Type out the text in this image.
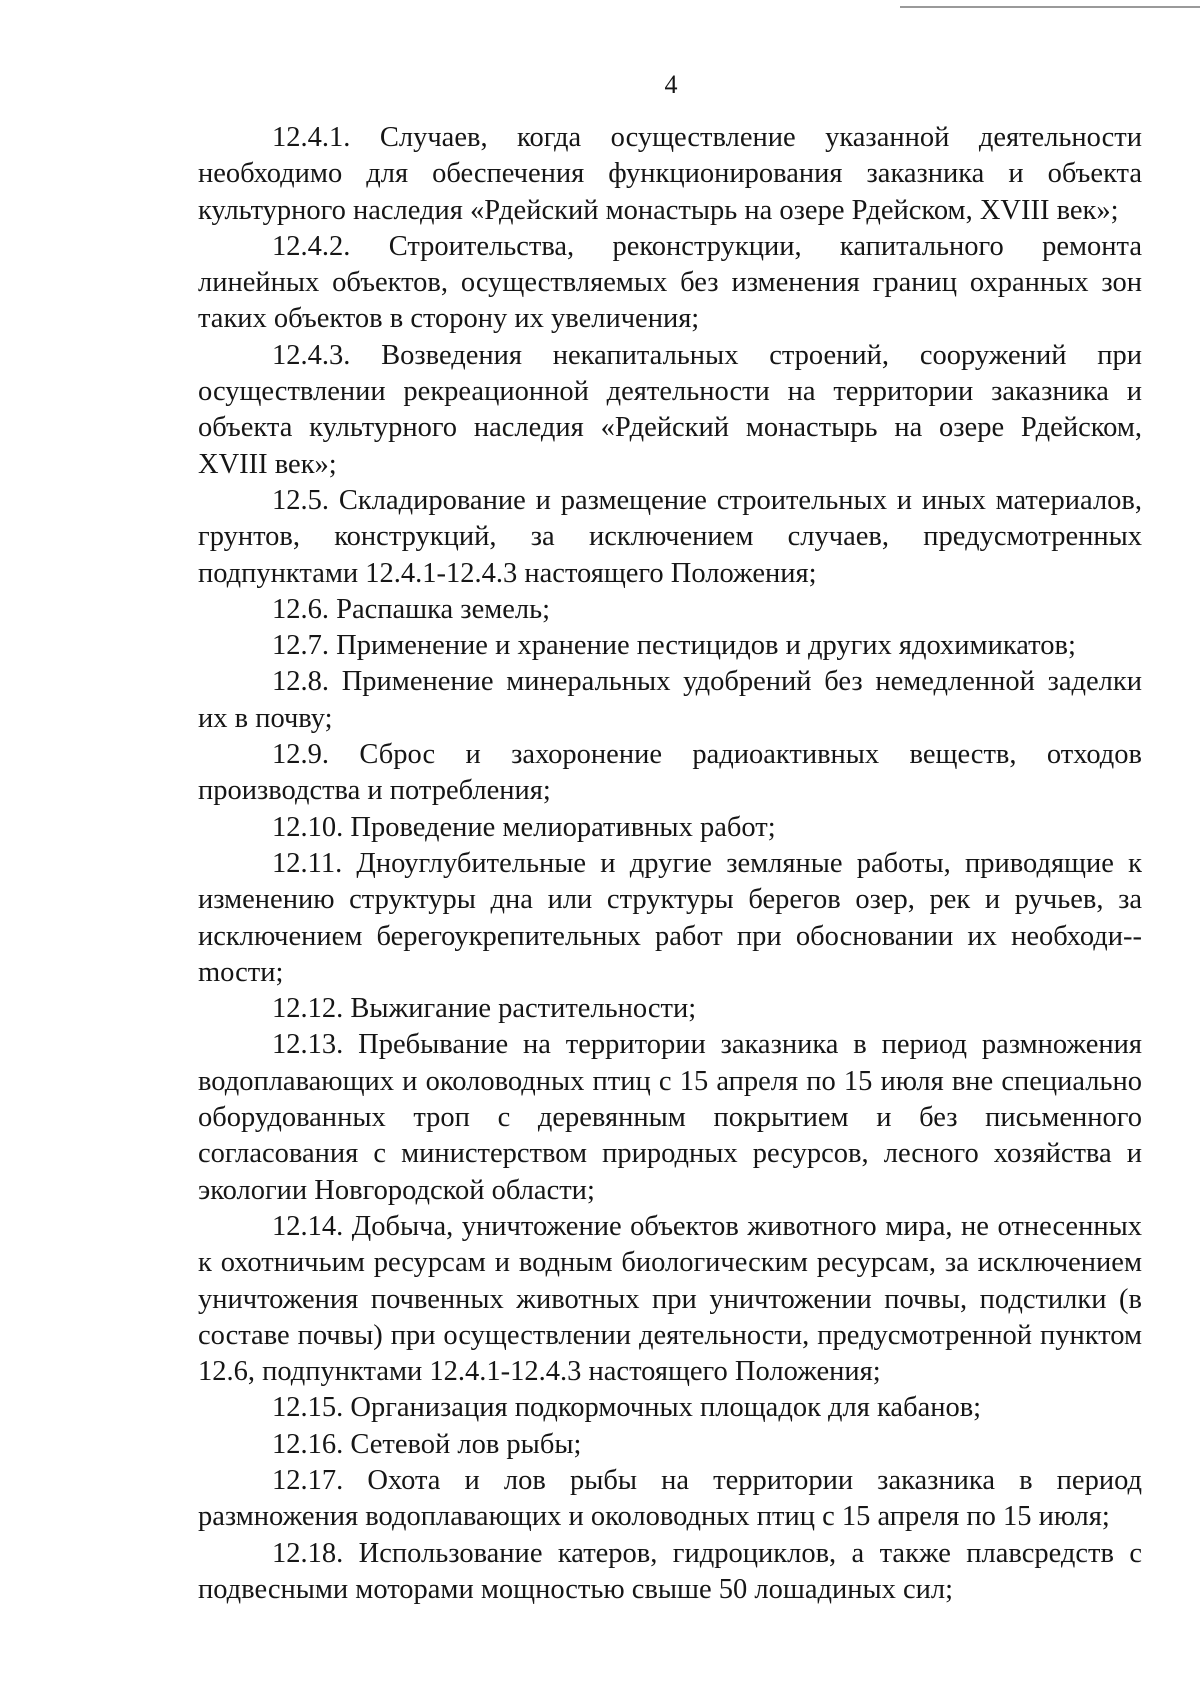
4

12.4.1. Случаев, когда осуществление указанной деятельности необходимо для обеспечения функционирования заказника и объекта культурного наследия «Рдейский монастырь на озере Рдейском, XVIII век»;

12.4.2. Строительства, реконструкции, капитального ремонта линейных объектов, осуществляемых без изменения границ охранных зон таких объектов в сторону их увеличения;

12.4.3. Возведения некапитальных строений, сооружений при осуществлении рекреационной деятельности на территории заказника и объекта культурного наследия «Рдейский монастырь на озере Рдейском, XVIII век»;

12.5. Складирование и размещение строительных и иных материалов, грунтов, конструкций, за исключением случаев, предусмотренных подпунктами 12.4.1-12.4.3 настоящего Положения;

12.6. Распашка земель;

12.7. Применение и хранение пестицидов и других ядохимикатов;

12.8. Применение минеральных удобрений без немедленной заделки их в почву;

12.9. Сброс и захоронение радиоактивных веществ, отходов производства и потребления;

12.10. Проведение мелиоративных работ;

12.11. Дноуглубительные и другие земляные работы, приводящие к изменению структуры дна или структуры берегов озер, рек и ручьев, за исключением берегоукрепительных работ при обосновании их необходи-mости;

12.12. Выжигание растительности;

12.13. Пребывание на территории заказника в период размножения водоплавающих и околоводных птиц с 15 апреля по 15 июля вне специально оборудованных троп с деревянным покрытием и без письменного согласования с министерством природных ресурсов, лесного хозяйства и экологии Новгородской области;

12.14. Добыча, уничтожение объектов животного мира, не отнесенных к охотничьим ресурсам и водным биологическим ресурсам, за исключением уничтожения почвенных животных при уничтожении почвы, подстилки (в составе почвы) при осуществлении деятельности, предусмотренной пунктом 12.6, подпунктами 12.4.1-12.4.3 настоящего Положения;

12.15. Организация подкормочных площадок для кабанов;

12.16. Сетевой лов рыбы;

12.17. Охота и лов рыбы на территории заказника в период размножения водоплавающих и околоводных птиц с 15 апреля по 15 июля;

12.18. Использование катеров, гидроциклов, а также плавсредств с подвесными моторами мощностью свыше 50 лошадиных сил;
